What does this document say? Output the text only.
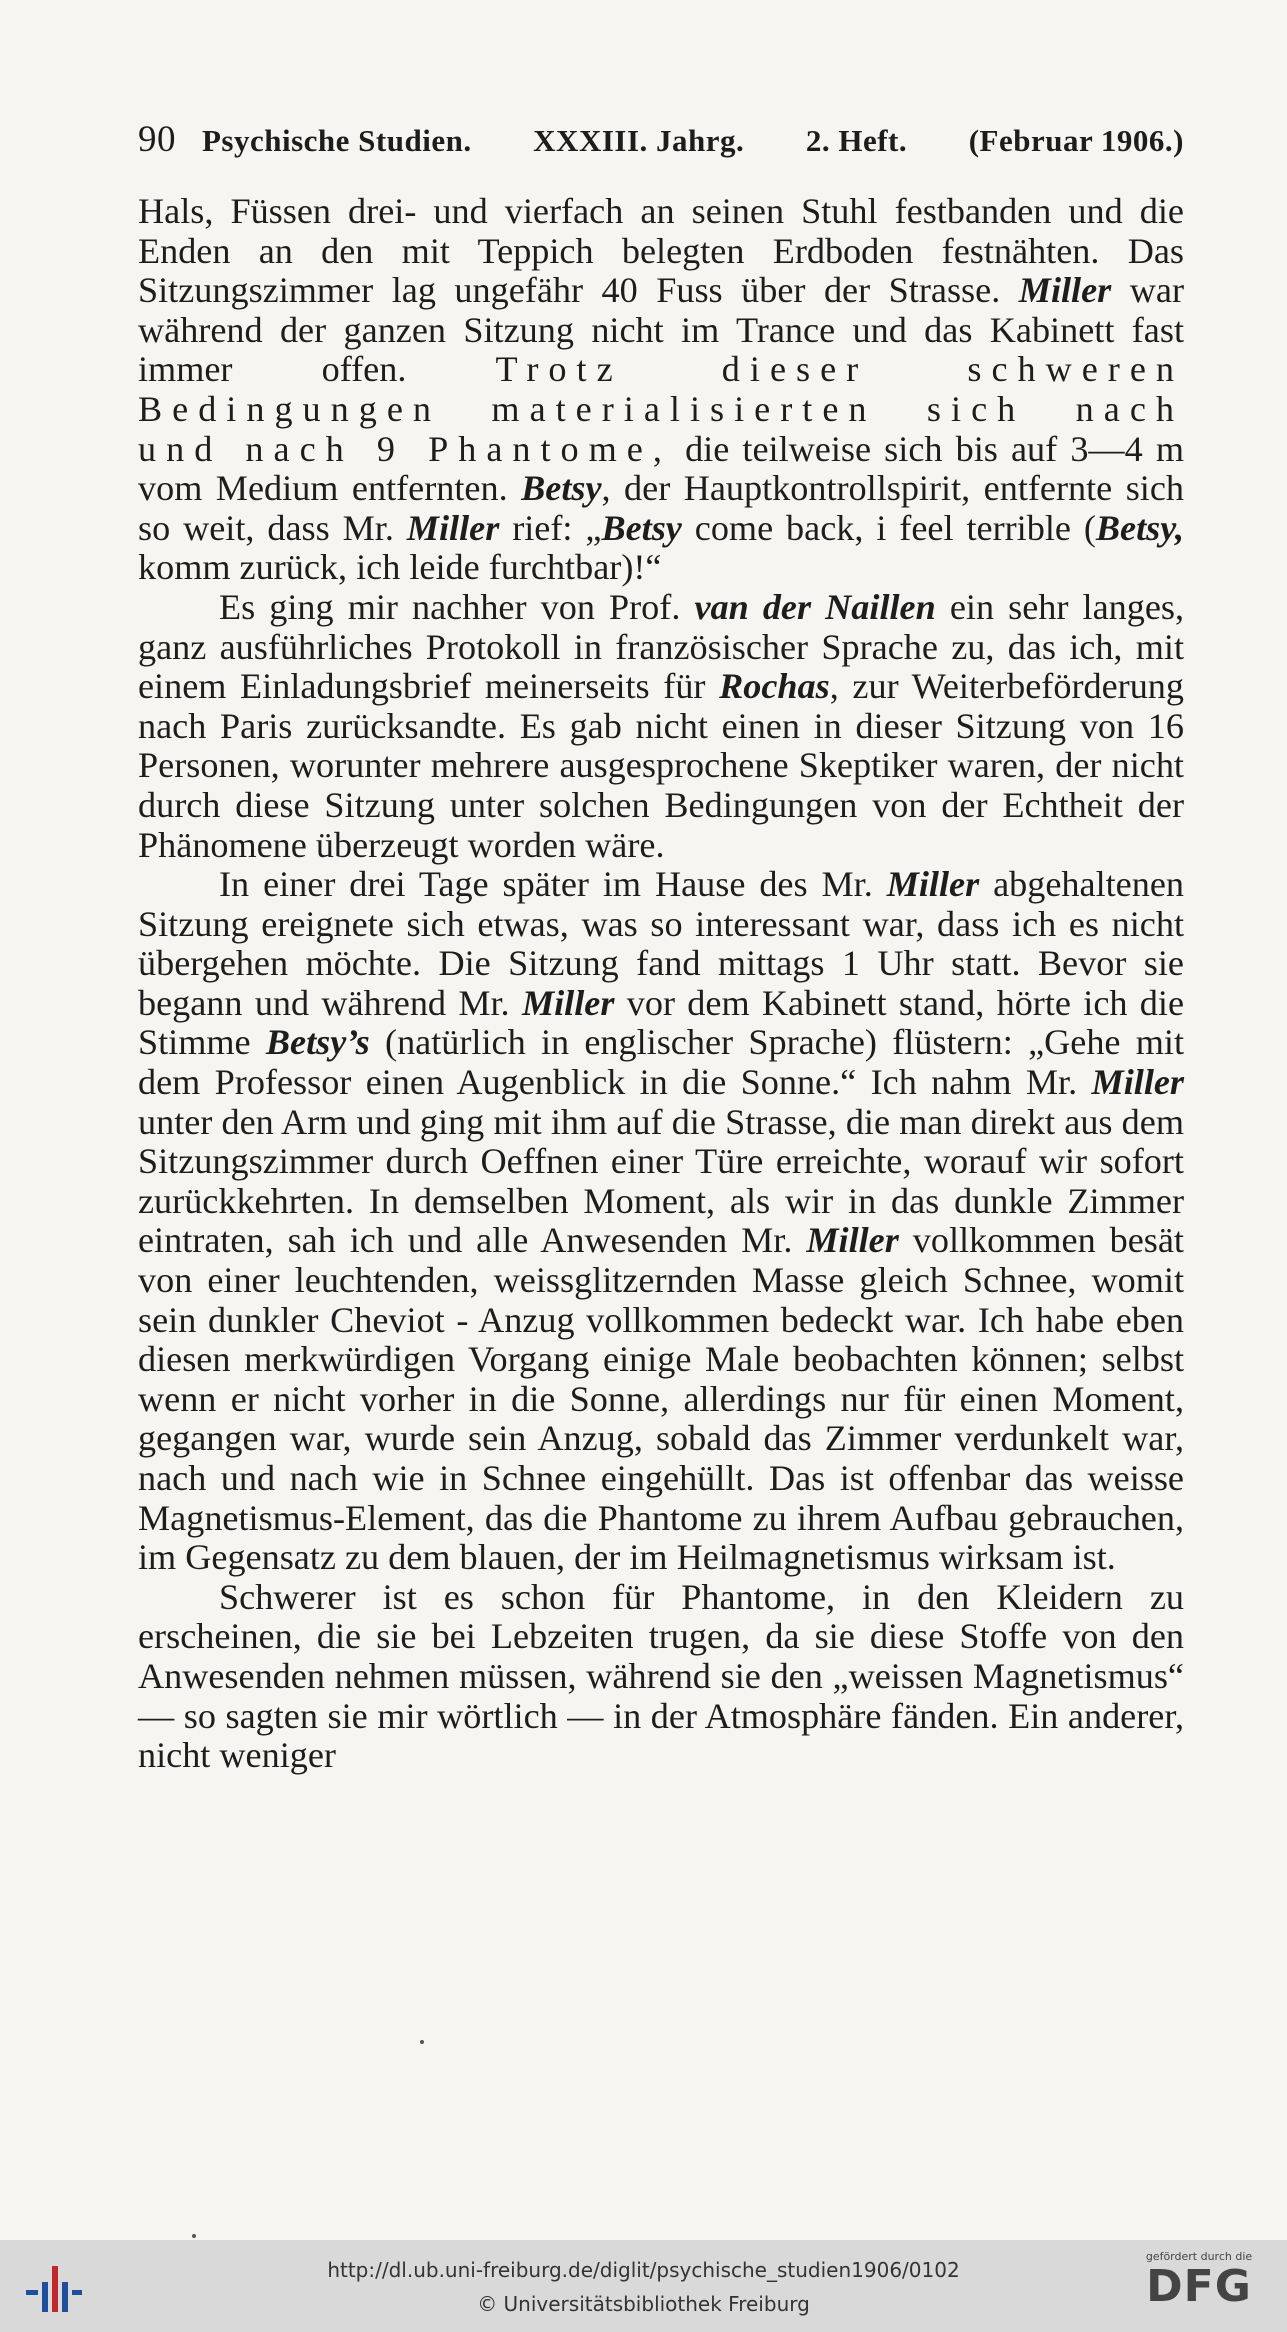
90 Psychische Studien. XXXIII. Jahrg. 2. Heft. (Februar 1906.)

Hals, Füssen drei- und vierfach an seinen Stuhl festbanden und die Enden an den mit Teppich belegten Erdboden festnähten. Das Sitzungszimmer lag ungefähr 40 Fuss über der Strasse. Miller war während der ganzen Sitzung nicht im Trance und das Kabinett fast immer offen. Trotz dieser schweren Bedingungen materialisierten sich nach und nach 9 Phantome, die teilweise sich bis auf 3—4 m vom Medium entfernten. Betsy, der Hauptkontrollspirit, entfernte sich so weit, dass Mr. Miller rief: „Betsy come back, i feel terrible (Betsy, komm zurück, ich leide furchtbar)!“

Es ging mir nachher von Prof. van der Naillen ein sehr langes, ganz ausführliches Protokoll in französischer Sprache zu, das ich, mit einem Einladungsbrief meinerseits für Rochas, zur Weiterbeförderung nach Paris zurücksandte. Es gab nicht einen in dieser Sitzung von 16 Personen, worunter mehrere ausgesprochene Skeptiker waren, der nicht durch diese Sitzung unter solchen Bedingungen von der Echtheit der Phänomene überzeugt worden wäre.

In einer drei Tage später im Hause des Mr. Miller abgehaltenen Sitzung ereignete sich etwas, was so interessant war, dass ich es nicht übergehen möchte. Die Sitzung fand mittags 1 Uhr statt. Bevor sie begann und während Mr. Miller vor dem Kabinett stand, hörte ich die Stimme Betsy’s (natürlich in englischer Sprache) flüstern: „Gehe mit dem Professor einen Augenblick in die Sonne.“ Ich nahm Mr. Miller unter den Arm und ging mit ihm auf die Strasse, die man direkt aus dem Sitzungszimmer durch Oeffnen einer Türe erreichte, worauf wir sofort zurückkehrten. In demselben Moment, als wir in das dunkle Zimmer eintraten, sah ich und alle Anwesenden Mr. Miller vollkommen besät von einer leuchtenden, weissglitzernden Masse gleich Schnee, womit sein dunkler Cheviot - Anzug vollkommen bedeckt war. Ich habe eben diesen merkwürdigen Vorgang einige Male beobachten können; selbst wenn er nicht vorher in die Sonne, allerdings nur für einen Moment, gegangen war, wurde sein Anzug, sobald das Zimmer verdunkelt war, nach und nach wie in Schnee eingehüllt. Das ist offenbar das weisse Magnetismus-Element, das die Phantome zu ihrem Aufbau gebrauchen, im Gegensatz zu dem blauen, der im Heilmagnetismus wirksam ist.

Schwerer ist es schon für Phantome, in den Kleidern zu erscheinen, die sie bei Lebzeiten trugen, da sie diese Stoffe von den Anwesenden nehmen müssen, während sie den „weissen Magnetismus“ — so sagten sie mir wörtlich — in der Atmosphäre fänden. Ein anderer, nicht weniger

http://dl.ub.uni-freiburg.de/diglit/psychische_studien1906/0102
© Universitätsbibliothek Freiburg
gefördert durch die
DFG
